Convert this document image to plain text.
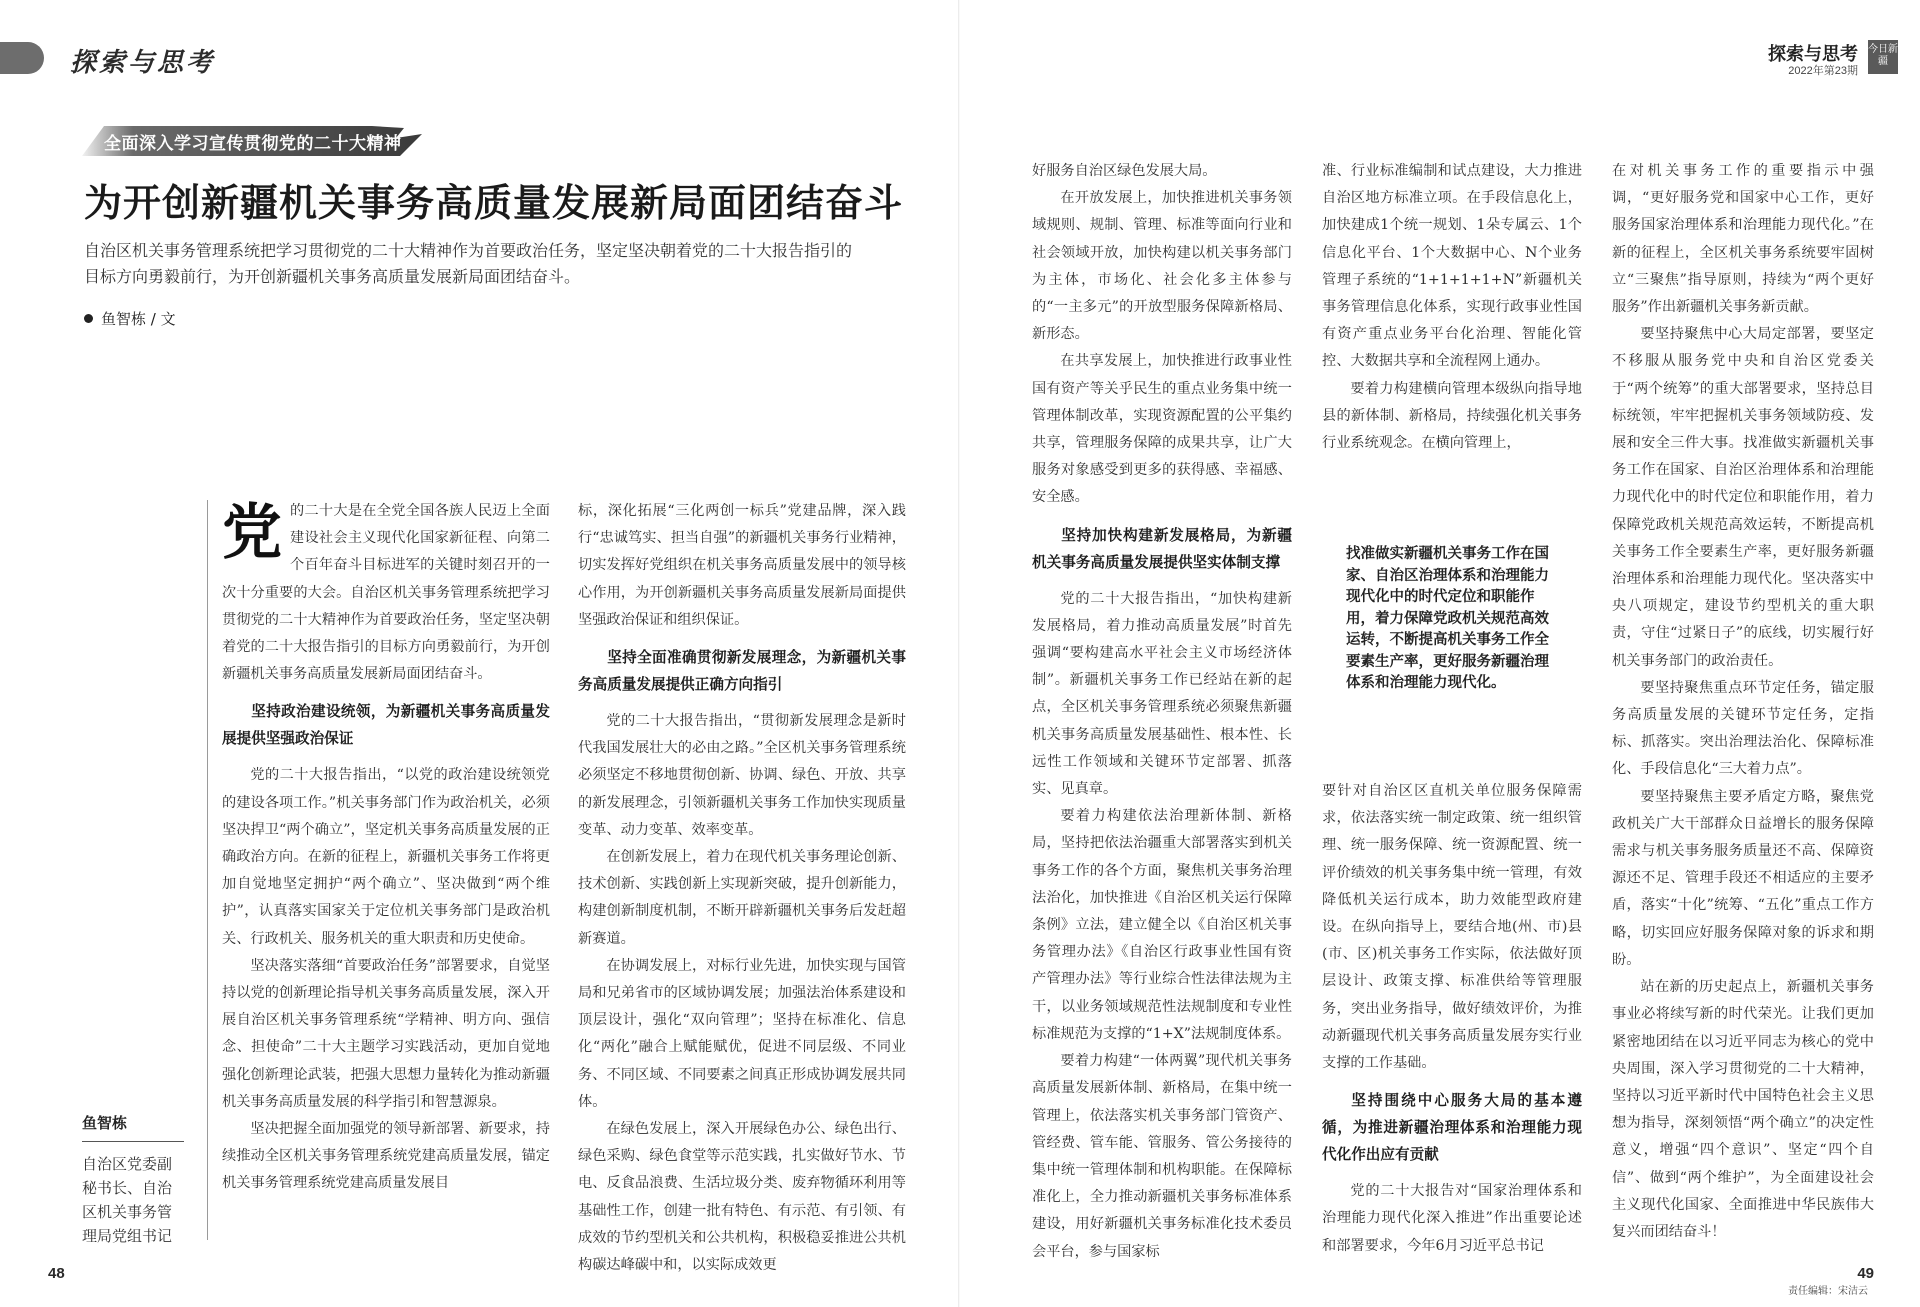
探索与思考
全面深入学习宣传贯彻党的二十大精神
为开创新疆机关事务高质量发展新局面团结奋斗
自治区机关事务管理系统把学习贯彻党的二十大精神作为首要政治任务，坚定坚决朝着党的二十大报告指引的目标方向勇毅前行，为开创新疆机关事务高质量发展新局面团结奋斗。
鱼智栋 / 文
鱼智栋
自治区党委副秘书长、自治区机关事务管理局党组书记

党的二十大是在全党全国各族人民迈上全面建设社会主义现代化国家新征程、向第二个百年奋斗目标进军的关键时刻召开的一次十分重要的大会。自治区机关事务管理系统把学习贯彻党的二十大精神作为首要政治任务，坚定坚决朝着党的二十大报告指引的目标方向勇毅前行，为开创新疆机关事务高质量发展新局面团结奋斗。

坚持政治建设统领，为新疆机关事务高质量发展提供坚强政治保证

党的二十大报告指出，“以党的政治建设统领党的建设各项工作。”机关事务部门作为政治机关，必须坚决捍卫“两个确立”，坚定机关事务高质量发展的正确政治方向。在新的征程上，新疆机关事务工作将更加自觉地坚定拥护“两个确立”、坚决做到“两个维护”，认真落实国家关于定位机关事务部门是政治机关、行政机关、服务机关的重大职责和历史使命。

坚决落实落细“首要政治任务”部署要求，自觉坚持以党的创新理论指导机关事务高质量发展，深入开展自治区机关事务管理系统“学精神、明方向、强信念、担使命”二十大主题学习实践活动，更加自觉地强化创新理论武装，把强大思想力量转化为推动新疆机关事务高质量发展的科学指引和智慧源泉。

坚决把握全面加强党的领导新部署、新要求，持续推动全区机关事务管理系统党建高质量发展，锚定机关事务管理系统党建高质量发展目

标，深化拓展“三化两创一标兵”党建品牌，深入践行“忠诚笃实、担当自强”的新疆机关事务行业精神，切实发挥好党组织在机关事务高质量发展中的领导核心作用，为开创新疆机关事务高质量发展新局面提供坚强政治保证和组织保证。

坚持全面准确贯彻新发展理念，为新疆机关事务高质量发展提供正确方向指引

党的二十大报告指出，“贯彻新发展理念是新时代我国发展壮大的必由之路。”全区机关事务管理系统必须坚定不移地贯彻创新、协调、绿色、开放、共享的新发展理念，引领新疆机关事务工作加快实现质量变革、动力变革、效率变革。

在创新发展上，着力在现代机关事务理论创新、技术创新、实践创新上实现新突破，提升创新能力，构建创新制度机制，不断开辟新疆机关事务后发赶超新赛道。

在协调发展上，对标行业先进，加快实现与国管局和兄弟省市的区域协调发展；加强法治体系建设和顶层设计，强化“双向管理”；坚持在标准化、信息化“两化”融合上赋能赋优，促进不同层级、不同业务、不同区域、不同要素之间真正形成协调发展共同体。

在绿色发展上，深入开展绿色办公、绿色出行、绿色采购、绿色食堂等示范实践，扎实做好节水、节电、反食品浪费、生活垃圾分类、废弃物循环利用等基础性工作，创建一批有特色、有示范、有引领、有成效的节约型机关和公共机构，积极稳妥推进公共机构碳达峰碳中和，以实际成效更

48
探索与思考
2022年第23期
今日新疆

好服务自治区绿色发展大局。

在开放发展上，加快推进机关事务领域规则、规制、管理、标准等面向行业和社会领域开放，加快构建以机关事务部门为主体，市场化、社会化多主体参与的“一主多元”的开放型服务保障新格局、新形态。

在共享发展上，加快推进行政事业性国有资产等关乎民生的重点业务集中统一管理体制改革，实现资源配置的公平集约共享，管理服务保障的成果共享，让广大服务对象感受到更多的获得感、幸福感、安全感。

坚持加快构建新发展格局，为新疆机关事务高质量发展提供坚实体制支撑

党的二十大报告指出，“加快构建新发展格局，着力推动高质量发展”时首先强调“要构建高水平社会主义市场经济体制”。新疆机关事务工作已经站在新的起点，全区机关事务管理系统必须聚焦新疆机关事务高质量发展基础性、根本性、长远性工作领域和关键环节定部署、抓落实、见真章。

要着力构建依法治理新体制、新格局，坚持把依法治疆重大部署落实到机关事务工作的各个方面，聚焦机关事务治理法治化，加快推进《自治区机关运行保障条例》立法，建立健全以《自治区机关事务管理办法》《自治区行政事业性国有资产管理办法》等行业综合性法律法规为主干，以业务领域规范性法规制度和专业性标准规范为支撑的“1+X”法规制度体系。

要着力构建“一体两翼”现代机关事务高质量发展新体制、新格局，在集中统一管理上，依法落实机关事务部门管资产、管经费、管车能、管服务、管公务接待的集中统一管理体制和机构职能。在保障标准化上，全力推动新疆机关事务标准体系建设，用好新疆机关事务标准化技术委员会平台，参与国家标

准、行业标准编制和试点建设，大力推进自治区地方标准立项。在手段信息化上，加快建成1个统一规划、1朵专属云、1个信息化平台、1个大数据中心、N个业务管理子系统的“1+1+1+1+N”新疆机关事务管理信息化体系，实现行政事业性国有资产重点业务平台化治理、智能化管控、大数据共享和全流程网上通办。

要着力构建横向管理本级纵向指导地县的新体制、新格局，持续强化机关事务行业系统观念。在横向管理上，

找准做实新疆机关事务工作在国家、自治区治理体系和治理能力现代化中的时代定位和职能作用，着力保障党政机关规范高效运转，不断提高机关事务工作全要素生产率，更好服务新疆治理体系和治理能力现代化。

要针对自治区区直机关单位服务保障需求，依法落实统一制定政策、统一组织管理、统一服务保障、统一资源配置、统一评价绩效的机关事务集中统一管理，有效降低机关运行成本，助力效能型政府建设。在纵向指导上，要结合地(州、市)县(市、区)机关事务工作实际，依法做好顶层设计、政策支撑、标准供给等管理服务，突出业务指导，做好绩效评价，为推动新疆现代机关事务高质量发展夯实行业支撑的工作基础。

坚持围绕中心服务大局的基本遵循，为推进新疆治理体系和治理能力现代化作出应有贡献

党的二十大报告对“国家治理体系和治理能力现代化深入推进”作出重要论述和部署要求，今年6月习近平总书记

在对机关事务工作的重要指示中强调，“更好服务党和国家中心工作，更好服务国家治理体系和治理能力现代化。”在新的征程上，全区机关事务系统要牢固树立“三聚焦”指导原则，持续为“两个更好服务”作出新疆机关事务新贡献。

要坚持聚焦中心大局定部署，要坚定不移服从服务党中央和自治区党委关于“两个统筹”的重大部署要求，坚持总目标统领，牢牢把握机关事务领域防疫、发展和安全三件大事。找准做实新疆机关事务工作在国家、自治区治理体系和治理能力现代化中的时代定位和职能作用，着力保障党政机关规范高效运转，不断提高机关事务工作全要素生产率，更好服务新疆治理体系和治理能力现代化。坚决落实中央八项规定，建设节约型机关的重大职责，守住“过紧日子”的底线，切实履行好机关事务部门的政治责任。

要坚持聚焦重点环节定任务，锚定服务高质量发展的关键环节定任务，定指标、抓落实。突出治理法治化、保障标准化、手段信息化“三大着力点”。

要坚持聚焦主要矛盾定方略，聚焦党政机关广大干部群众日益增长的服务保障需求与机关事务服务质量还不高、保障资源还不足、管理手段还不相适应的主要矛盾，落实“十化”统筹、“五化”重点工作方略，切实回应好服务保障对象的诉求和期盼。

站在新的历史起点上，新疆机关事务事业必将续写新的时代荣光。让我们更加紧密地团结在以习近平同志为核心的党中央周围，深入学习贯彻党的二十大精神，坚持以习近平新时代中国特色社会主义思想为指导，深刻领悟“两个确立”的决定性意义，增强“四个意识”、坚定“四个自信”、做到“两个维护”，为全面建设社会主义现代化国家、全面推进中华民族伟大复兴而团结奋斗！

49
责任编辑：宋洁云
